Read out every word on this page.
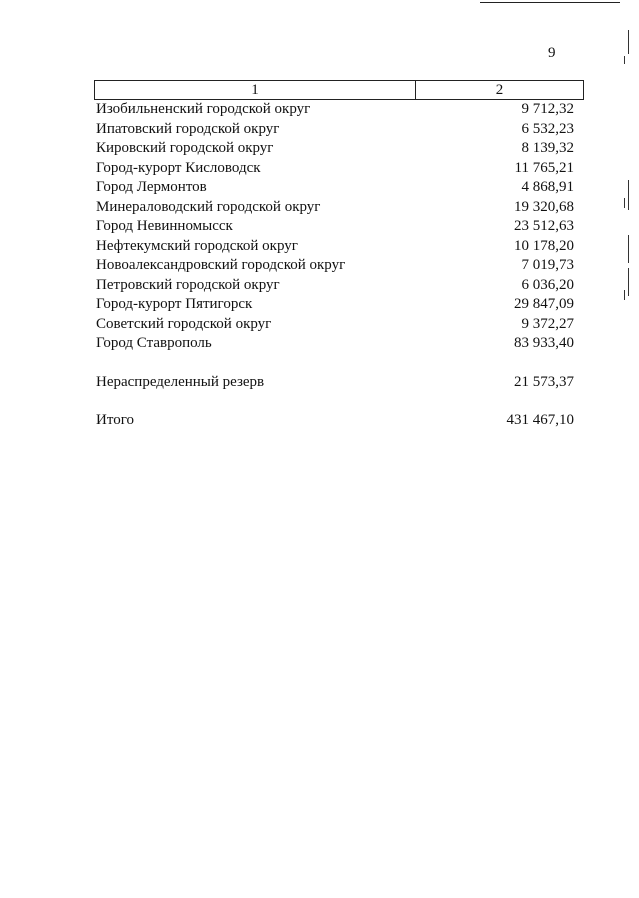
9
1	2
Изобильненский городской округ	9 712,32
Ипатовский городской округ	6 532,23
Кировский городской округ	8 139,32
Город-курорт Кисловодск	11 765,21
Город Лермонтов	4 868,91
Минераловодский городской округ	19 320,68
Город Невинномысск	23 512,63
Нефтекумский городской округ	10 178,20
Новоалександровский городской округ	7 019,73
Петровский городской округ	6 036,20
Город-курорт Пятигорск	29 847,09
Советский городской округ	9 372,27
Город Ставрополь	83 933,40
Нераспределенный резерв	21 573,37
Итого	431 467,10
